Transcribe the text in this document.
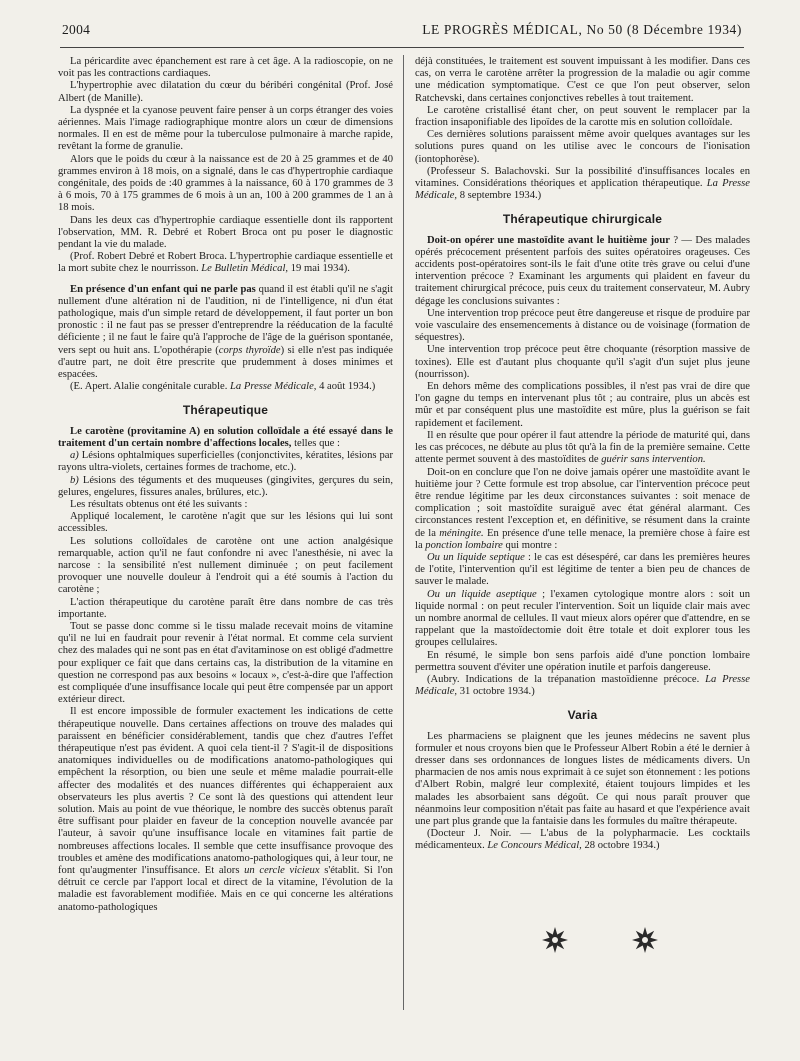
2004	LE PROGRÈS MÉDICAL, No 50 (8 Décembre 1934)

La péricardite avec épanchement est rare à cet âge. A la radioscopie, on ne voit pas les contractions cardiaques.

L'hypertrophie avec dilatation du cœur du béribéri congénital (Prof. José Albert (de Manille).

La dyspnée et la cyanose peuvent faire penser à un corps étranger des voies aériennes. Mais l'image radiographique montre alors un cœur de dimensions normales. Il en est de même pour la tuberculose pulmonaire à marche rapide, revêtant la forme de granulie.

Alors que le poids du cœur à la naissance est de 20 à 25 grammes et de 40 grammes environ à 18 mois, on a signalé, dans le cas d'hypertrophie cardiaque congénitale, des poids de :40 grammes à la naissance, 60 à 170 grammes de 3 à 6 mois, 70 à 175 grammes de 6 mois à un an, 100 à 200 grammes de 1 an à 18 mois.

Dans les deux cas d'hypertrophie cardiaque essentielle dont ils rapportent l'observation, MM. R. Debré et Robert Broca ont pu poser le diagnostic pendant la vie du malade.

(Prof. Robert Debré et Robert Broca. L'hypertrophie cardiaque essentielle et la mort subite chez le nourrisson. Le Bulletin Médical, 19 mai 1934).

En présence d'un enfant qui ne parle pas quand il est établi qu'il ne s'agit nullement d'une altération ni de l'audition, ni de l'intelligence, ni d'un état pathologique, mais d'un simple retard de développement, il faut porter un bon pronostic : il ne faut pas se presser d'entreprendre la rééducation de la faculté déficiente ; il ne faut le faire qu'à l'approche de l'âge de la guérison spontanée, vers sept ou huit ans. L'opothérapie (corps thyroïde) si elle n'est pas indiquée d'autre part, ne doit être prescrite que prudemment à doses minimes et espacées.

(E. Apert. Alalie congénitale curable. La Presse Médicale, 4 août 1934.)

Thérapeutique

Le carotène (provitamine A) en solution colloïdale a été essayé dans le traitement d'un certain nombre d'affections locales, telles que :

a) Lésions ophtalmiques superficielles (conjonctivites, kératites, lésions par rayons ultra-violets, certaines formes de trachome, etc.).

b) Lésions des téguments et des muqueuses (gingivites, gerçures du sein, gelures, engelures, fissures anales, brûlures, etc.).

Les résultats obtenus ont été les suivants :

Appliqué localement, le carotène n'agit que sur les lésions qui lui sont accessibles.

Les solutions colloïdales de carotène ont une action analgésique remarquable, action qu'il ne faut confondre ni avec l'anesthésie, ni avec la narcose : la sensibilité n'est nullement diminuée ; on peut facilement provoquer une nouvelle douleur à l'endroit qui a été soumis à l'action du carotène ;

L'action thérapeutique du carotène paraît être dans nombre de cas très importante.

Tout se passe donc comme si le tissu malade recevait moins de vitamine qu'il ne lui en faudrait pour revenir à l'état normal. Et comme cela survient chez des malades qui ne sont pas en état d'avitaminose on est obligé d'admettre pour expliquer ce fait que dans certains cas, la distribution de la vitamine en question ne correspond pas aux besoins « locaux », c'est-à-dire que l'affection est compliquée d'une insuffisance locale qui peut être compensée par un apport extérieur direct.

Il est encore impossible de formuler exactement les indications de cette thérapeutique nouvelle. Dans certaines affections on trouve des malades qui paraissent en bénéficier considérablement, tandis que chez d'autres l'effet thérapeutique n'est pas évident. A quoi cela tient-il ? S'agit-il de dispositions anatomiques individuelles ou de modifications anatomo-pathologiques qui empêchent la résorption, ou bien une seule et même maladie pourrait-elle affecter des modalités et des nuances différentes qui échapperaient aux observateurs les plus avertis ? Ce sont là des questions qui attendent leur solution. Mais au point de vue théorique, le nombre des succès obtenus paraît être suffisant pour plaider en faveur de la conception nouvelle avancée par l'auteur, à savoir qu'une insuffisance locale en vitamines fait partie de nombreuses affections locales. Il semble que cette insuffisance provoque des troubles et amène des modifications anatomo-pathologiques qui, à leur tour, ne font qu'augmenter l'insuffisance. Et alors un cercle vicieux s'établit. Si l'on détruit ce cercle par l'apport local et direct de la vitamine, l'évolution de la maladie est favorablement modifiée. Mais en ce qui concerne les altérations anatomo-pathologiques

déjà constituées, le traitement est souvent impuissant à les modifier. Dans ces cas, on verra le carotène arrêter la progression de la maladie ou agir comme une médication symptomatique. C'est ce que l'on peut observer, selon Ratchevski, dans certaines conjonctives rebelles à tout traitement.

Le carotène cristallisé étant cher, on peut souvent le remplacer par la fraction insaponifiable des lipoïdes de la carotte mis en solution colloïdale.

Ces dernières solutions paraissent même avoir quelques avantages sur les solutions pures quand on les utilise avec le concours de l'ionisation (iontophorèse).

(Professeur S. Balachovski. Sur la possibilité d'insuffisances locales en vitamines. Considérations théoriques et application thérapeutique. La Presse Médicale, 8 septembre 1934.)

Thérapeutique chirurgicale

Doit-on opérer une mastoïdite avant le huitième jour ? — Des malades opérés précocement présentent parfois des suites opératoires orageuses. Ces accidents post-opératoires sont-ils le fait d'une otite très grave ou celui d'une intervention précoce ? Examinant les arguments qui plaident en faveur du traitement chirurgical précoce, puis ceux du traitement conservateur, M. Aubry dégage les conclusions suivantes :

Une intervention trop précoce peut être dangereuse et risque de produire par voie vasculaire des ensemencements à distance ou de voisinage (formation de séquestres).

Une intervention trop précoce peut être choquante (résorption massive de toxines). Elle est d'autant plus choquante qu'il s'agit d'un sujet plus jeune (nourrisson).

En dehors même des complications possibles, il n'est pas vrai de dire que l'on gagne du temps en intervenant plus tôt ; au contraire, plus un abcès est mûr et par conséquent plus une mastoïdite est mûre, plus la guérison se fait rapidement et facilement.

Il en résulte que pour opérer il faut attendre la période de maturité qui, dans les cas précoces, ne débute au plus tôt qu'à la fin de la première semaine. Cette attente permet souvent à des mastoïdites de guérir sans intervention.

Doit-on en conclure que l'on ne doive jamais opérer une mastoïdite avant le huitième jour ? Cette formule est trop absolue, car l'intervention précoce peut être rendue légitime par les deux circonstances suivantes : soit menace de complication ; soit mastoïdite suraiguë avec état général alarmant. Ces circonstances restent l'exception et, en définitive, se résument dans la crainte de la méningite. En présence d'une telle menace, la première chose à faire est la ponction lombaire qui montre :

Ou un liquide septique : le cas est désespéré, car dans les premières heures de l'otite, l'intervention qu'il est légitime de tenter a bien peu de chances de sauver le malade.

Ou un liquide aseptique ; l'examen cytologique montre alors : soit un liquide normal : on peut reculer l'intervention. Soit un liquide clair mais avec un nombre anormal de cellules. Il vaut mieux alors opérer que d'attendre, en se rappelant que la mastoïdectomie doit être totale et doit explorer tous les groupes cellulaires.

En résumé, le simple bon sens parfois aidé d'une ponction lombaire permettra souvent d'éviter une opération inutile et parfois dangereuse.

(Aubry. Indications de la trépanation mastoïdienne précoce. La Presse Médicale, 31 octobre 1934.)

Varia

Les pharmaciens se plaignent que les jeunes médecins ne savent plus formuler et nous croyons bien que le Professeur Albert Robin a été le dernier à dresser dans ses ordonnances de longues listes de médicaments divers. Un pharmacien de nos amis nous exprimait à ce sujet son étonnement : les potions d'Albert Robin, malgré leur complexité, étaient toujours limpides et les malades les absorbaient sans dégoût. Ce qui nous paraît prouver que néanmoins leur composition n'était pas faite au hasard et que l'expérience avait une part plus grande que la fantaisie dans les formules du maître thérapeute.

(Docteur J. Noir. — L'abus de la polypharmacie. Les cocktails médicamenteux. Le Concours Médical, 28 octobre 1934.)
